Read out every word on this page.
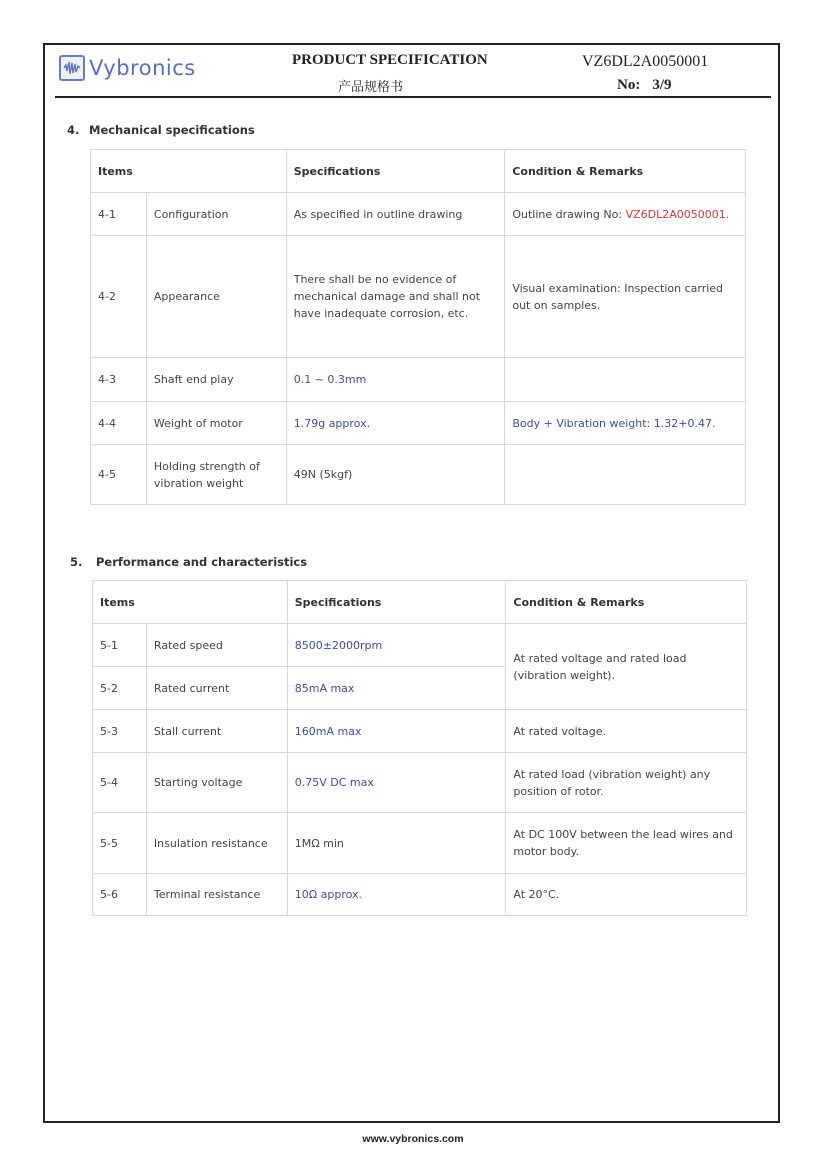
Vybronics	PRODUCT SPECIFICATION
产品规格书
VZ6DL2A0050001
No: 3/9
4. Mechanical specifications
Items		Specifications	Condition & Remarks
4-1	Configuration	As specified in outline drawing	Outline drawing No: VZ6DL2A0050001.
4-2	Appearance	There shall be no evidence of mechanical damage and shall not have inadequate corrosion, etc.	Visual examination: Inspection carried out on samples.
4-3	Shaft end play	0.1 ~ 0.3mm	
4-4	Weight of motor	1.79g approx.	Body + Vibration weight: 1.32+0.47.
4-5	Holding strength of vibration weight	49N (5kgf)	
5. Performance and characteristics
Items		Specifications	Condition & Remarks
5-1	Rated speed	8500±2000rpm	At rated voltage and rated load (vibration weight).
5-2	Rated current	85mA max	
5-3	Stall current	160mA max	At rated voltage.
5-4	Starting voltage	0.75V DC max	At rated load (vibration weight) any position of rotor.
5-5	Insulation resistance	1MΩ min	At DC 100V between the lead wires and motor body.
5-6	Terminal resistance	10Ω approx.	At 20°C.
www.vybronics.com
